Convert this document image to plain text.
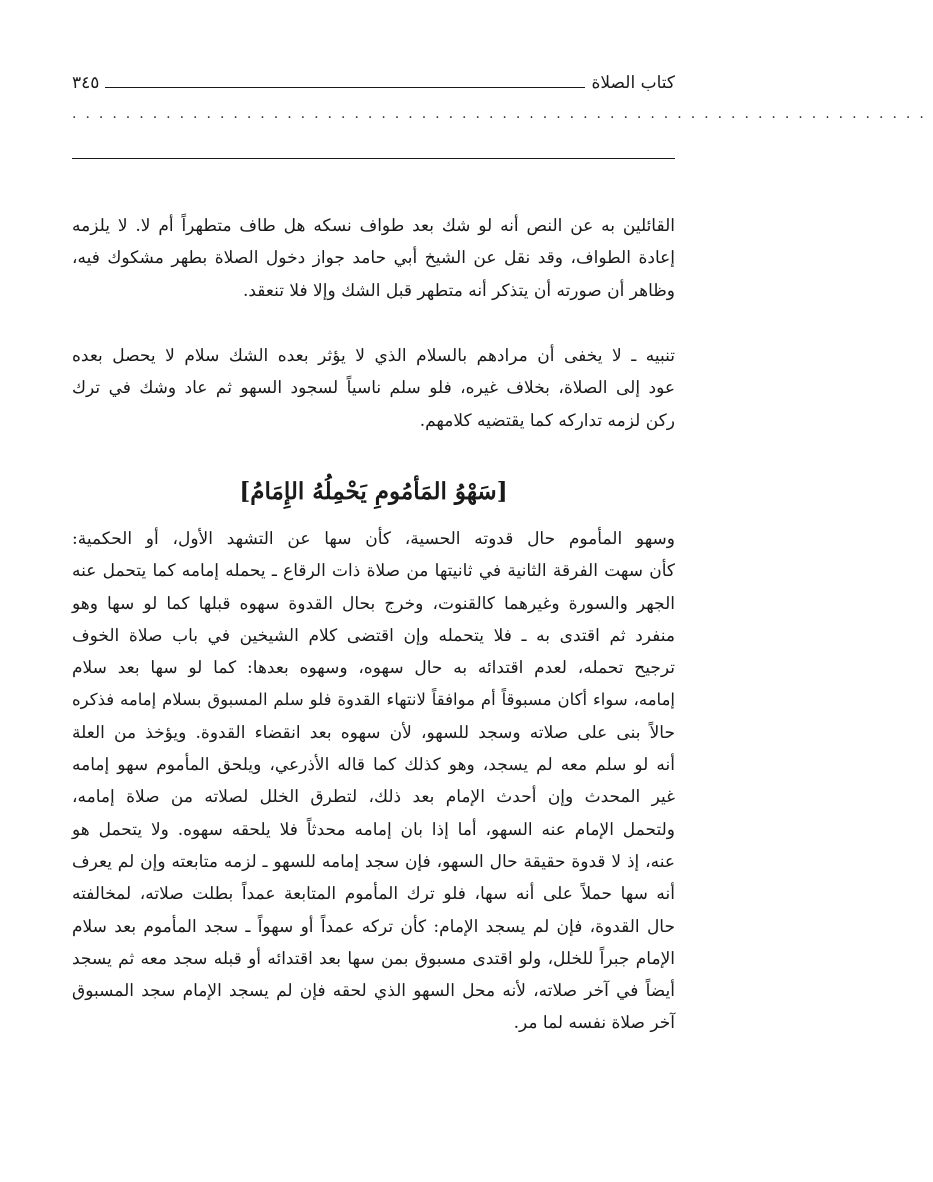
كتاب الصلاة
٣٤٥
................................................................
القائلين به عن النص أنه لو شك بعد طواف نسكه هل طاف متطهراً أم لا. لا يلزمه
إعادة الطواف، وقد نقل عن الشيخ أبي حامد جواز دخول الصلاة بطهر مشكوك فيه،
وظاهر أن صورته أن يتذكر أنه متطهر قبل الشك وإلا فلا تنعقد.
تنبيه ـ لا يخفى أن مرادهم بالسلام الذي لا يؤثر بعده الشك سلام لا يحصل بعده
عود إلى الصلاة، بخلاف غيره، فلو سلم ناسياً لسجود السهو ثم عاد وشك في ترك
ركن لزمه تداركه كما يقتضيه كلامهم.
[سَهْوُ المَأمُومِ يَحْمِلُهُ الإِمَامُ]
وسهو المأموم حال قدوته الحسية، كأن سها عن التشهد الأول، أو الحكمية:
كأن سهت الفرقة الثانية في ثانيتها من صلاة ذات الرقاع ـ يحمله إمامه كما يتحمل عنه
الجهر والسورة وغيرهما كالقنوت، وخرج بحال القدوة سهوه قبلها كما لو سها وهو
منفرد ثم اقتدى به ـ فلا يتحمله وإن اقتضى كلام الشيخين في باب صلاة الخوف
ترجيح تحمله، لعدم اقتدائه به حال سهوه، وسهوه بعدها: كما لو سها بعد سلام
إمامه، سواء أكان مسبوقاً أم موافقاً لانتهاء القدوة فلو سلم المسبوق بسلام إمامه فذكره
حالاً بنى على صلاته وسجد للسهو، لأن سهوه بعد انقضاء القدوة. ويؤخذ من العلة
أنه لو سلم معه لم يسجد، وهو كذلك كما قاله الأذرعي، ويلحق المأموم سهو إمامه
غير المحدث وإن أحدث الإمام بعد ذلك، لتطرق الخلل لصلاته من صلاة إمامه،
ولتحمل الإمام عنه السهو، أما إذا بان إمامه محدثاً فلا يلحقه سهوه. ولا يتحمل هو
عنه، إذ لا قدوة حقيقة حال السهو، فإن سجد إمامه للسهو ـ لزمه متابعته وإن لم يعرف
أنه سها حملاً على أنه سها، فلو ترك المأموم المتابعة عمداً بطلت صلاته، لمخالفته
حال القدوة، فإن لم يسجد الإمام: كأن تركه عمداً أو سهواً ـ سجد المأموم بعد سلام
الإمام جبراً للخلل، ولو اقتدى مسبوق بمن سها بعد اقتدائه أو قبله سجد معه ثم يسجد
أيضاً في آخر صلاته، لأنه محل السهو الذي لحقه فإن لم يسجد الإمام سجد المسبوق
آخر صلاة نفسه لما مر.
